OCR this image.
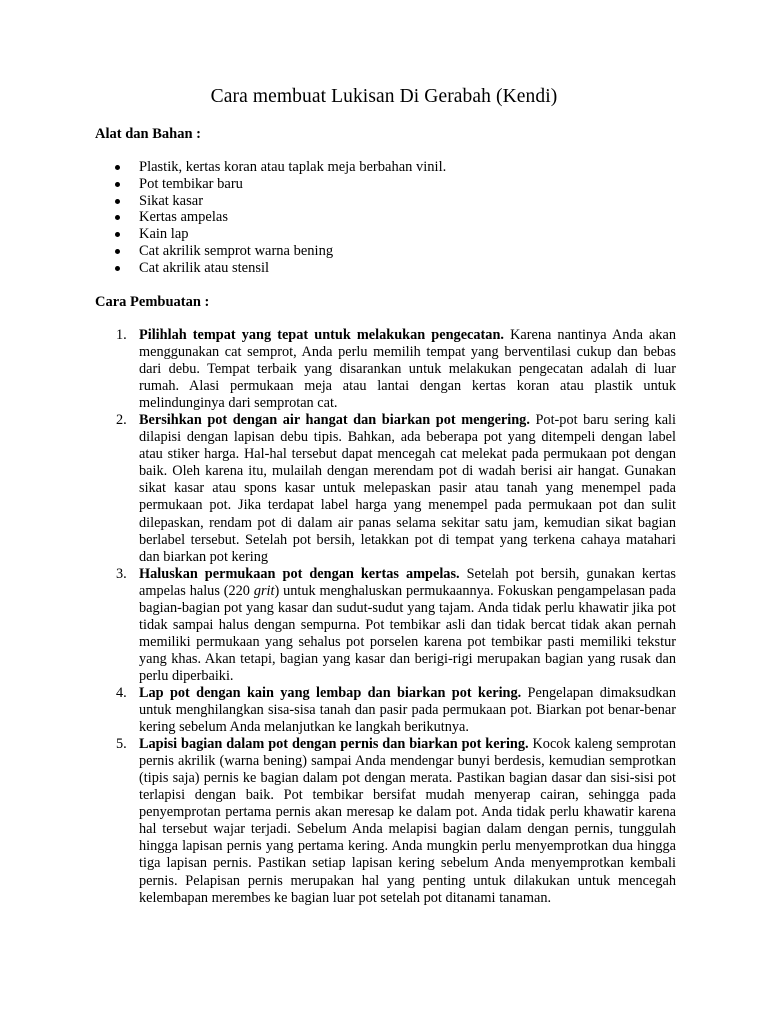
Cara membuat Lukisan Di Gerabah (Kendi)

Alat dan Bahan :

Plastik, kertas koran atau taplak meja berbahan vinil.
Pot tembikar baru
Sikat kasar
Kertas ampelas
Kain lap
Cat akrilik semprot warna bening
Cat akrilik atau stensil

Cara Pembuatan :

1. Pilihlah tempat yang tepat untuk melakukan pengecatan. Karena nantinya Anda akan menggunakan cat semprot, Anda perlu memilih tempat yang berventilasi cukup dan bebas dari debu. Tempat terbaik yang disarankan untuk melakukan pengecatan adalah di luar rumah. Alasi permukaan meja atau lantai dengan kertas koran atau plastik untuk melindunginya dari semprotan cat.
2. Bersihkan pot dengan air hangat dan biarkan pot mengering. Pot-pot baru sering kali dilapisi dengan lapisan debu tipis. Bahkan, ada beberapa pot yang ditempeli dengan label atau stiker harga. Hal-hal tersebut dapat mencegah cat melekat pada permukaan pot dengan baik. Oleh karena itu, mulailah dengan merendam pot di wadah berisi air hangat. Gunakan sikat kasar atau spons kasar untuk melepaskan pasir atau tanah yang menempel pada permukaan pot. Jika terdapat label harga yang menempel pada permukaan pot dan sulit dilepaskan, rendam pot di dalam air panas selama sekitar satu jam, kemudian sikat bagian berlabel tersebut. Setelah pot bersih, letakkan pot di tempat yang terkena cahaya matahari dan biarkan pot kering
3. Haluskan permukaan pot dengan kertas ampelas. Setelah pot bersih, gunakan kertas ampelas halus (220 grit) untuk menghaluskan permukaannya. Fokuskan pengampelasan pada bagian-bagian pot yang kasar dan sudut-sudut yang tajam. Anda tidak perlu khawatir jika pot tidak sampai halus dengan sempurna. Pot tembikar asli dan tidak bercat tidak akan pernah memiliki permukaan yang sehalus pot porselen karena pot tembikar pasti memiliki tekstur yang khas. Akan tetapi, bagian yang kasar dan berigi-rigi merupakan bagian yang rusak dan perlu diperbaiki.
4. Lap pot dengan kain yang lembap dan biarkan pot kering. Pengelapan dimaksudkan untuk menghilangkan sisa-sisa tanah dan pasir pada permukaan pot. Biarkan pot benar-benar kering sebelum Anda melanjutkan ke langkah berikutnya.
5. Lapisi bagian dalam pot dengan pernis dan biarkan pot kering. Kocok kaleng semprotan pernis akrilik (warna bening) sampai Anda mendengar bunyi berdesis, kemudian semprotkan (tipis saja) pernis ke bagian dalam pot dengan merata. Pastikan bagian dasar dan sisi-sisi pot terlapisi dengan baik. Pot tembikar bersifat mudah menyerap cairan, sehingga pada penyemprotan pertama pernis akan meresap ke dalam pot. Anda tidak perlu khawatir karena hal tersebut wajar terjadi. Sebelum Anda melapisi bagian dalam dengan pernis, tunggulah hingga lapisan pernis yang pertama kering. Anda mungkin perlu menyemprotkan dua hingga tiga lapisan pernis. Pastikan setiap lapisan kering sebelum Anda menyemprotkan kembali pernis. Pelapisan pernis merupakan hal yang penting untuk dilakukan untuk mencegah kelembapan merembes ke bagian luar pot setelah pot ditanami tanaman.
